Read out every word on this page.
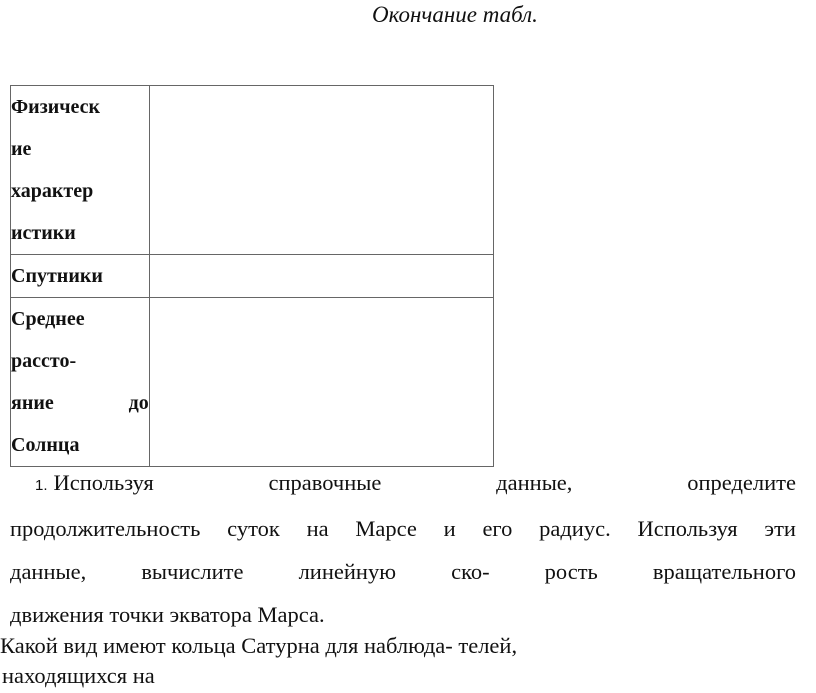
Окончание табл.
Физическ
ие
характер
истики	

Спутники	

Среднее
рассто-
яние до
Солнца	

1. Используя	справочные	данные,	определите
продолжительность суток на Марсе и его радиус. Используя эти
данные, вычислите линейную ско- рость вращательного
движения точки экватора Марса.
Какой вид имеют кольца Сатурна для наблюда- телей,
находящихся на
